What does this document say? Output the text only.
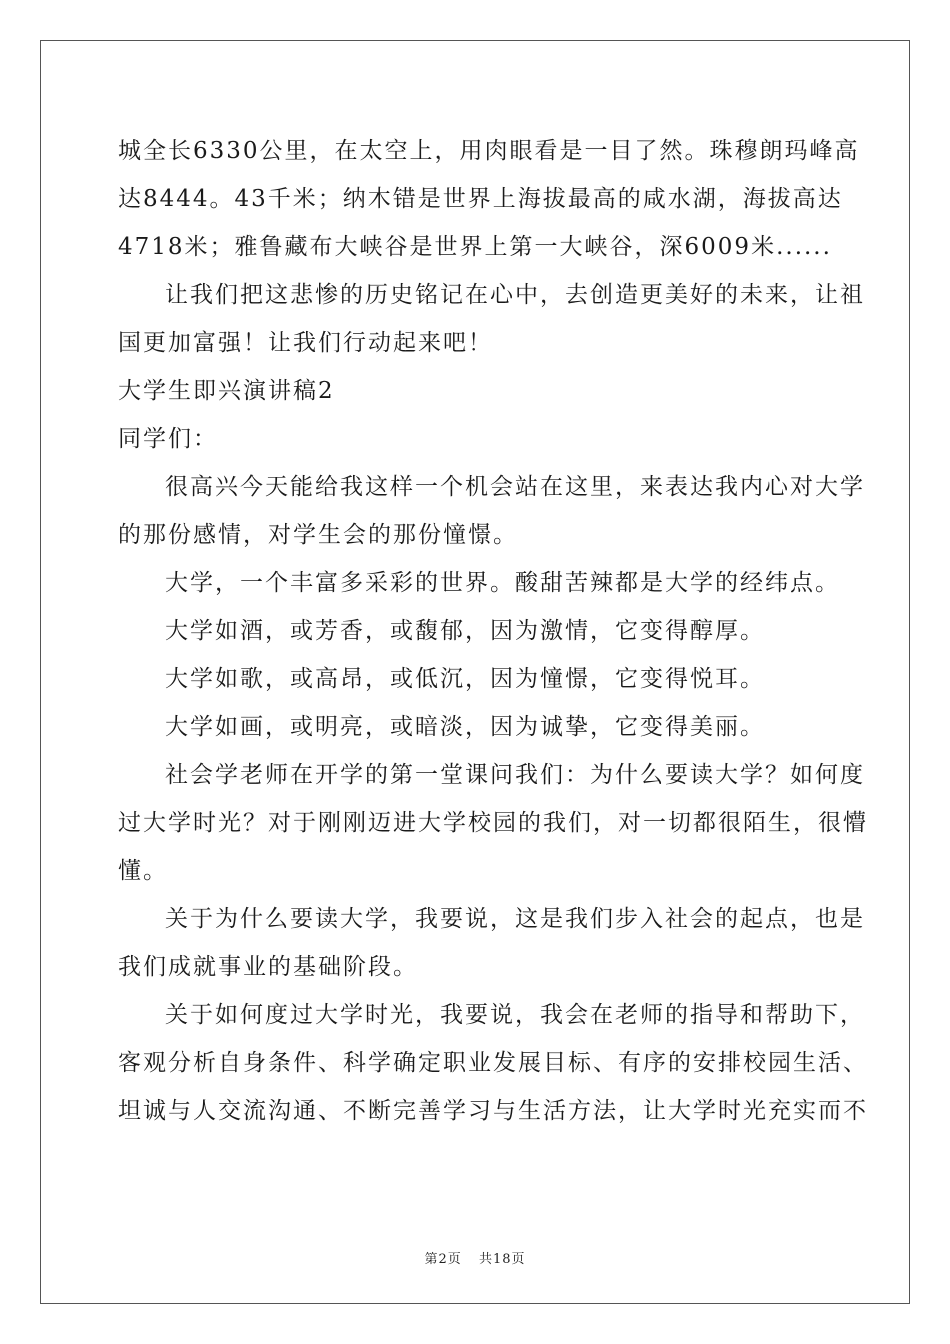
城全长6330公里，在太空上，用肉眼看是一目了然。珠穆朗玛峰高
达8444。43千米；纳木错是世界上海拔最高的咸水湖，海拔高达
4718米；雅鲁藏布大峡谷是世界上第一大峡谷，深6009米......
让我们把这悲惨的历史铭记在心中，去创造更美好的未来，让祖
国更加富强！让我们行动起来吧！
大学生即兴演讲稿2
同学们：
很高兴今天能给我这样一个机会站在这里，来表达我内心对大学
的那份感情，对学生会的那份憧憬。
大学，一个丰富多采彩的世界。酸甜苦辣都是大学的经纬点。
大学如酒，或芳香，或馥郁，因为激情，它变得醇厚。
大学如歌，或高昂，或低沉，因为憧憬，它变得悦耳。
大学如画，或明亮，或暗淡，因为诚挚，它变得美丽。
社会学老师在开学的第一堂课问我们：为什么要读大学？如何度
过大学时光？对于刚刚迈进大学校园的我们，对一切都很陌生，很懵
懂。
关于为什么要读大学，我要说，这是我们步入社会的起点，也是
我们成就事业的基础阶段。
关于如何度过大学时光，我要说，我会在老师的指导和帮助下，
客观分析自身条件、科学确定职业发展目标、有序的安排校园生活、
坦诚与人交流沟通、不断完善学习与生活方法，让大学时光充实而不
第2页 共18页
